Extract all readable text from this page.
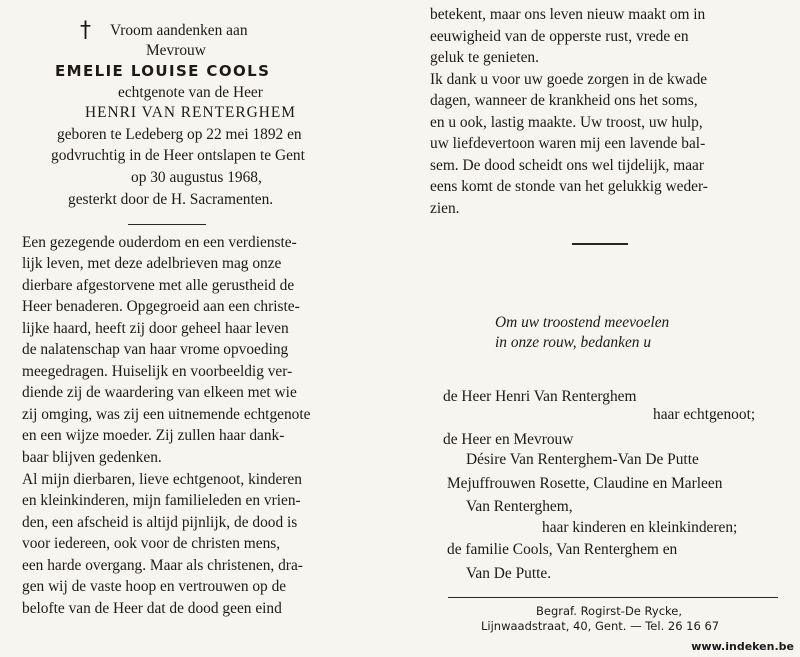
† Vroom aandenken aan
Mevrouw
EMELIE LOUISE COOLS
echtgenote van de Heer
HENRI VAN RENTERGHEM
geboren te Ledeberg op 22 mei 1892 en
godvruchtig in de Heer ontslapen te Gent
op 30 augustus 1968,
gesterkt door de H. Sacramenten.
Een gezegende ouderdom en een verdienste-
lijk leven, met deze adelbrieven mag onze
dierbare afgestorvene met alle gerustheid de
Heer benaderen. Opgegroeid aan een christe-
lijke haard, heeft zij door geheel haar leven
de nalatenschap van haar vrome opvoeding
meegedragen. Huiselijk en voorbeeldig ver-
diende zij de waardering van elkeen met wie
zij omging, was zij een uitnemende echtgenote
en een wijze moeder. Zij zullen haar dank-
baar blijven gedenken.
Al mijn dierbaren, lieve echtgenoot, kinderen
en kleinkinderen, mijn familieleden en vrien-
den, een afscheid is altijd pijnlijk, de dood is
voor iedereen, ook voor de christen mens,
een harde overgang. Maar als christenen, dra-
gen wij de vaste hoop en vertrouwen op de
belofte van de Heer dat de dood geen eind
betekent, maar ons leven nieuw maakt om in
eeuwigheid van de opperste rust, vrede en
geluk te genieten.
Ik dank u voor uw goede zorgen in de kwade
dagen, wanneer de krankheid ons het soms,
en u ook, lastig maakte. Uw troost, uw hulp,
uw liefdevertoon waren mij een lavende bal-
sem. De dood scheidt ons wel tijdelijk, maar
eens komt de stonde van het gelukkig weder-
zien.
Om uw troostend meevoelen
in onze rouw, bedanken u
de Heer Henri Van Renterghem
haar echtgenoot;
de Heer en Mevrouw
Désire Van Renterghem-Van De Putte
Mejuffrouwen Rosette, Claudine en Marleen
Van Renterghem,
haar kinderen en kleinkinderen;
de familie Cools, Van Renterghem en
Van De Putte.
Begraf. Rogirst-De Rycke,
Lijnwaadstraat, 40, Gent. — Tel. 26 16 67
www.indeken.be
